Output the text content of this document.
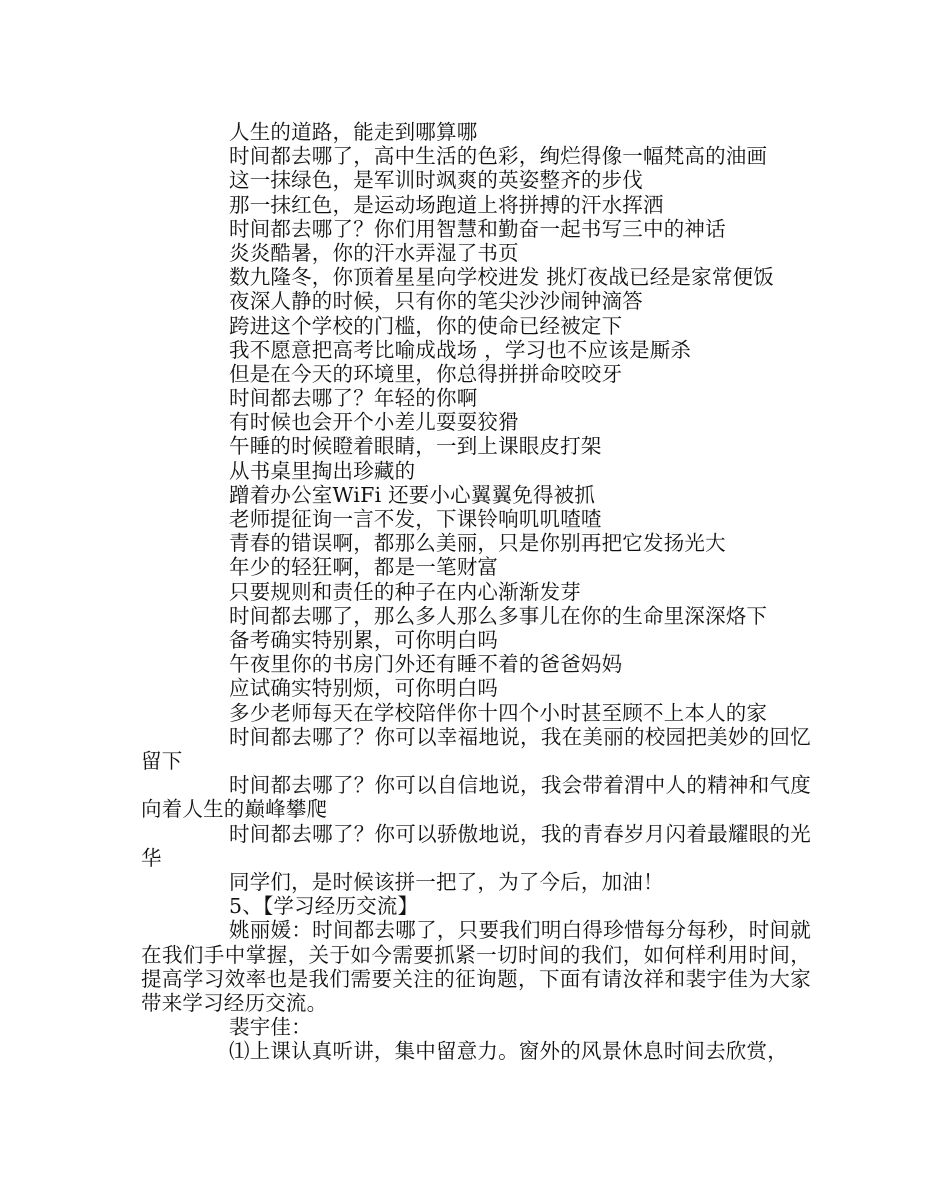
人生的道路，能走到哪算哪

时间都去哪了，高中生活的色彩，绚烂得像一幅梵高的油画

这一抹绿色，是军训时飒爽的英姿整齐的步伐

那一抹红色，是运动场跑道上将拼搏的汗水挥洒

时间都去哪了？你们用智慧和勤奋一起书写三中的神话

炎炎酷暑，你的汗水弄湿了书页

数九隆冬，你顶着星星向学校进发 挑灯夜战已经是家常便饭

夜深人静的时候，只有你的笔尖沙沙闹钟滴答

跨进这个学校的门槛，你的使命已经被定下

我不愿意把高考比喻成战场 ，学习也不应该是厮杀

但是在今天的环境里，你总得拼拼命咬咬牙

时间都去哪了？年轻的你啊

有时候也会开个小差儿耍耍狡猾

午睡的时候瞪着眼睛，一到上课眼皮打架

从书桌里掏出珍藏的

蹭着办公室WiFi 还要小心翼翼免得被抓

老师提征询一言不发，下课铃响叽叽喳喳

青春的错误啊，都那么美丽，只是你别再把它发扬光大

年少的轻狂啊，都是一笔财富

只要规则和责任的种子在内心渐渐发芽

时间都去哪了，那么多人那么多事儿在你的生命里深深烙下

备考确实特别累，可你明白吗

午夜里你的书房门外还有睡不着的爸爸妈妈

应试确实特别烦，可你明白吗

多少老师每天在学校陪伴你十四个小时甚至顾不上本人的家

时间都去哪了？你可以幸福地说，我在美丽的校园把美妙的回忆留下

时间都去哪了？你可以自信地说，我会带着渭中人的精神和气度 向着人生的巅峰攀爬

时间都去哪了？你可以骄傲地说，我的青春岁月闪着最耀眼的光华

同学们，是时候该拼一把了，为了今后，加油！

5、【学习经历交流】

姚丽媛：时间都去哪了，只要我们明白得珍惜每分每秒，时间就在我们手中掌握，关于如今需要抓紧一切时间的我们，如何样利用时间，提高学习效率也是我们需要关注的征询题，下面有请汝祥和裴宇佳为大家带来学习经历交流。

裴宇佳：

⑴上课认真听讲，集中留意力。窗外的风景休息时间去欣赏，
